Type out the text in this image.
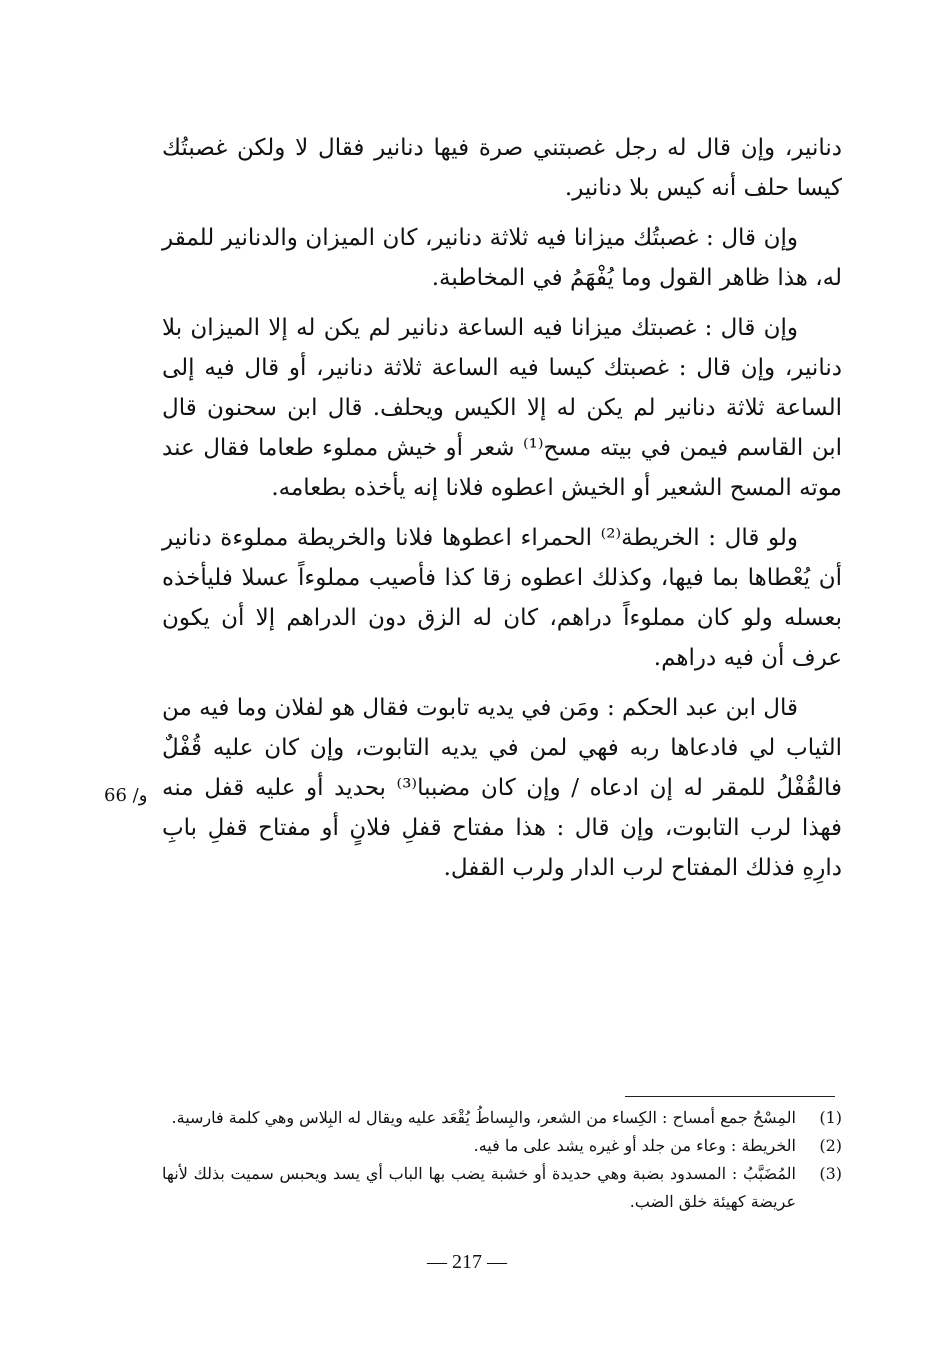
دنانير، وإن قال له رجل غصبتني صرة فيها دنانير فقال لا ولكن غصبتُك كيسا حلف أنه كيس بلا دنانير.

وإن قال : غصبتُك ميزانا فيه ثلاثة دنانير، كان الميزان والدنانير للمقر له، هذا ظاهر القول وما يُفْهَمُ في المخاطبة.

وإن قال : غصبتك ميزانا فيه الساعة دنانير لم يكن له إلا الميزان بلا دنانير، وإن قال : غصبتك كيسا فيه الساعة ثلاثة دنانير، أو قال فيه إلى الساعة ثلاثة دنانير لم يكن له إلا الكيس ويحلف. قال ابن سحنون قال ابن القاسم فيمن في بيته مسح⁽¹⁾ شعر أو خيش مملوء طعاما فقال عند موته المسح الشعير أو الخيش اعطوه فلانا إنه يأخذه بطعامه.

ولو قال : الخريطة⁽²⁾ الحمراء اعطوها فلانا والخريطة مملوءة دنانير أن يُعْطاها بما فيها، وكذلك اعطوه زقا كذا فأصيب مملوءاً عسلا فليأخذه بعسله ولو كان مملوءاً دراهم، كان له الزق دون الدراهم إلا أن يكون عرف أن فيه دراهم.

قال ابن عبد الحكم : ومَن في يديه تابوت فقال هو لفلان وما فيه من الثياب لي فادعاها ربه فهي لمن في يديه التابوت، وإن كان عليه قُفْلٌ فالقُفْلُ للمقر له إن ادعاه / وإن كان مضببا⁽³⁾ بحديد أو عليه قفل منه فهذا لرب التابوت، وإن قال : هذا مفتاح قفلِ فلانٍ أو مفتاح قفلِ بابِ دارِهِ فذلك المفتاح لرب الدار ولرب القفل.

66 /و
(1)
المِسْحُ جمع أمساح : الكِساء من الشعر، والبِساطُ يُقْعَد عليه ويقال له البِلاس وهي كلمة فارسية.
(2)
الخريطة : وعاء من جلد أو غيره يشد على ما فيه.
(3)
المُضَبَّبُ : المسدود بضبة وهي حديدة أو خشبة يضب بها الباب أي يسد ويحبس سميت بذلك لأنها عريضة كهيئة خلق الضب.
— 217 —
